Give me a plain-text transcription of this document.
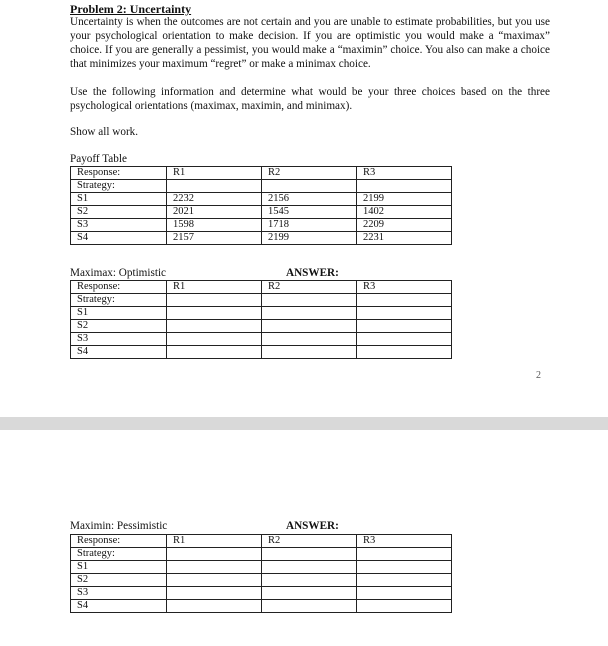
Problem 2: Uncertainty

Uncertainty is when the outcomes are not certain and you are unable to estimate probabilities, but you use your psychological orientation to make decision. If you are optimistic you would make a “maximax” choice. If you are generally a pessimist, you would make a “maximin” choice. You also can make a choice that minimizes your maximum “regret” or make a minimax choice.

Use the following information and determine what would be your three choices based on the three psychological orientations (maximax, maximin, and minimax).

Show all work.

Payoff Table
Response:	R1	R2	R3
Strategy:			
S1	2232	2156	2199
S2	2021	1545	1402
S3	1598	1718	2209
S4	2157	2199	2231
Maximax: Optimistic	ANSWER:
Response:	R1	R2	R3
Strategy:			
S1			
S2			
S3			
S4			
2
Maximin: Pessimistic	ANSWER:
Response:	R1	R2	R3
Strategy:			
S1			
S2			
S3			
S4			
